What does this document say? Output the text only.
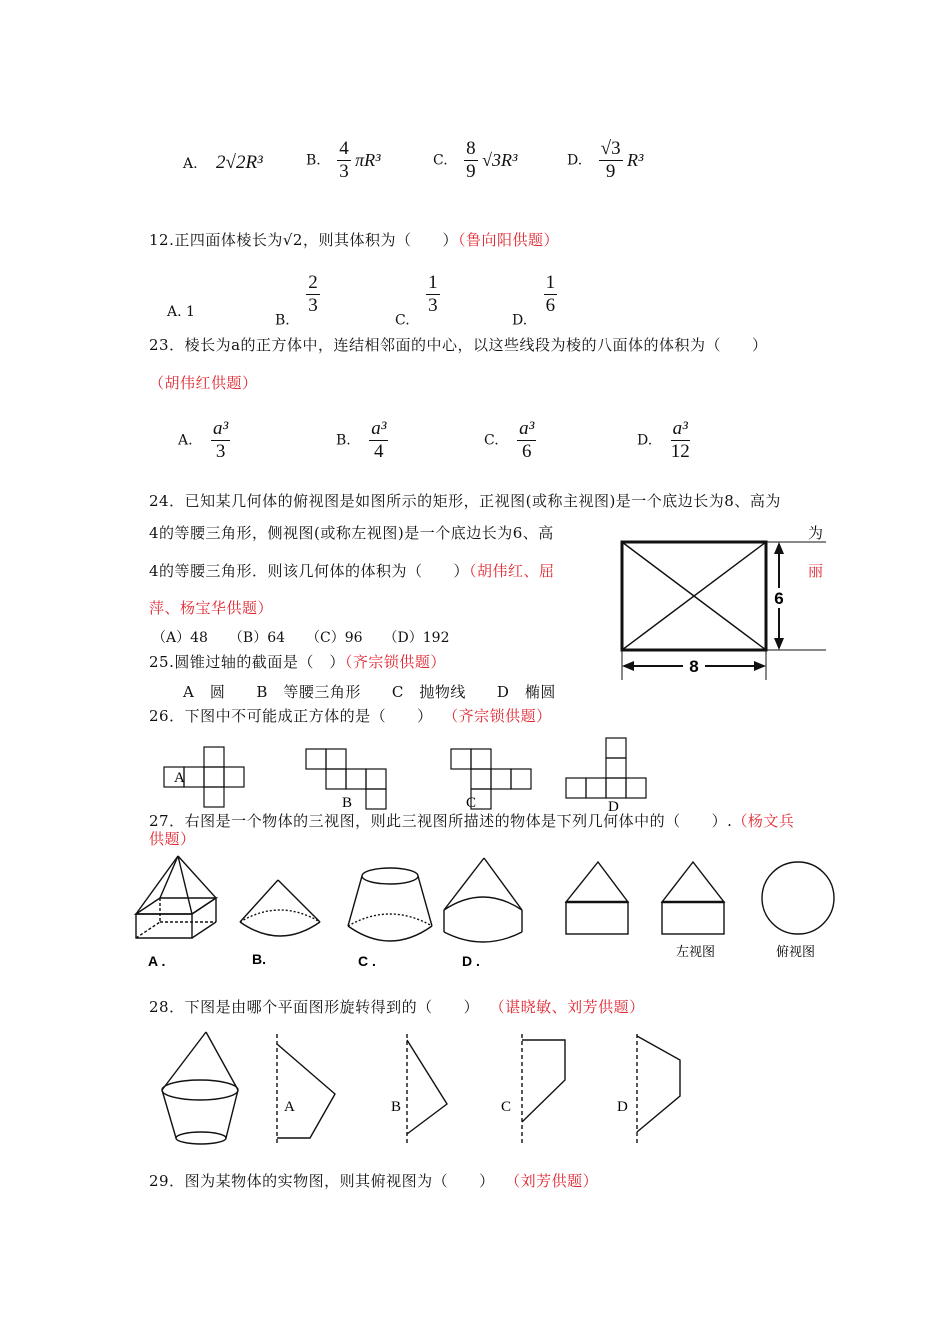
A. 2√2R³	B. $\frac{4}{3} \pi R^3$	C. $\frac{8}{9} √3R^3$	D. $\frac{√3}{9} R^3$
12.正四面体棱长为√2，则其体积为（　　）（鲁向阳供题）
A. 1
B.
$\frac{2}{3}$
C.
$\frac{1}{3}$
D.
$\frac{1}{6}$
23．棱长为a的正方体中，连结相邻面的中心，以这些线段为棱的八面体的体积为（　　）
（胡伟红供题）
A. $\frac{\text{a³}}{3}$	B. $\frac{\text{a³}}{4}$	C. $\frac{\text{a³}}{6}$	D. $\frac{\text{a³}}{12}$
24．已知某几何体的俯视图是如图所示的矩形，正视图(或称主视图)是一个底边长为8、高为
4的等腰三角形，侧视图(或称左视图)是一个底边长为6、高	为
4的等腰三角形．则该几何体的体积为（　　）（胡伟红、屈	丽
萍、杨宝华供题）
（A）48　　（B）64　　（C）96　　（D）192
6
8
25.圆锥过轴的截面是（　）（齐宗锁供题）
A　圆　　B　等腰三角形　　C　抛物线　　D　椭圆
26．下图中不可能成正方体的是（　　） （齐宗锁供题）
A
B	C	D
27．右图是一个物体的三视图，则此三视图所描述的物体是下列几何体中的（　　）.（杨文兵
供题）
A .	B.	C .	D .
左视图	俯视图
28．下图是由哪个平面图形旋转得到的（　　） （谌晓敏、刘芳供题）
A	B	C	D
29．图为某物体的实物图，则其俯视图为（　　） （刘芳供题）
